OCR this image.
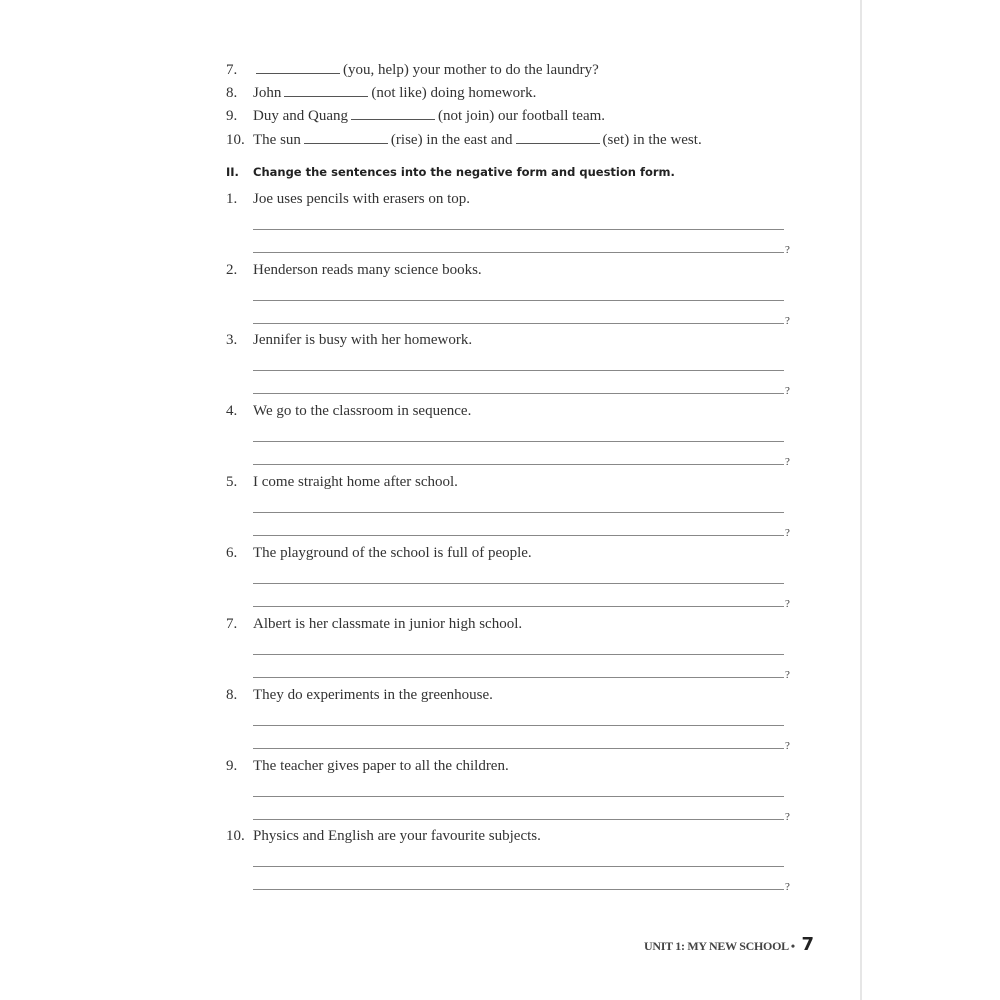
7.	(you, help) your mother to do the laundry?
8.	John	(not like) doing homework.
9.	Duy and Quang	(not join) our football team.
10. The sun	(rise) in the east and	(set) in the west.
II. Change the sentences into the negative form and question form.
1.	Joe uses pencils with erasers on top.
?
2.	Henderson reads many science books.
?
3.	Jennifer is busy with her homework.
?
4.	We go to the classroom in sequence.
?
5.	I come straight home after school.
?
6.	The playground of the school is full of people.
?
7.	Albert is her classmate in junior high school.
?
8.	They do experiments in the greenhouse.
?
9.	The teacher gives paper to all the children.
?
10. Physics and English are your favourite subjects.
?
UNIT 1: MY NEW SCHOOL • 7
